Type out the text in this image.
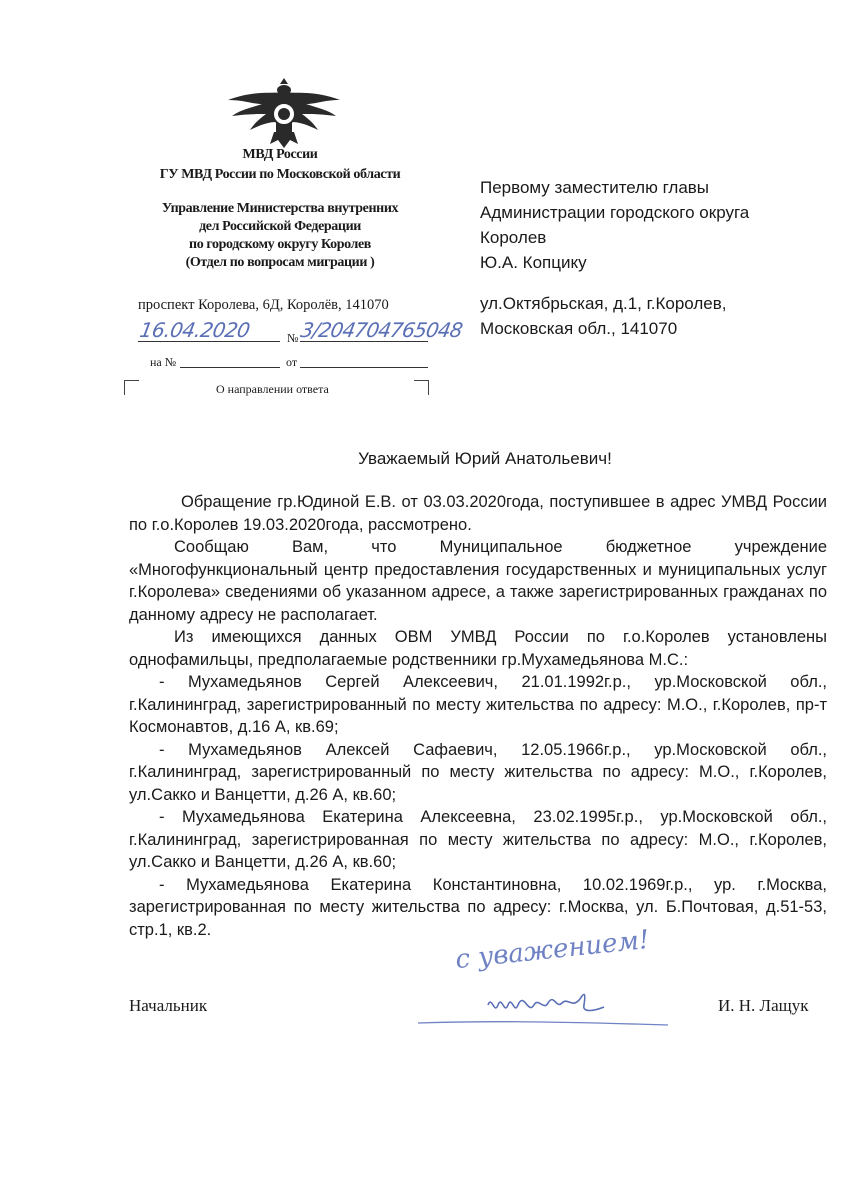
МВД России
ГУ МВД России по Московской области
Управление Министерства внутренних
дел Российской Федерации
по городскому округу Королев
(Отдел по вопросам миграции )
проспект Королева, 6Д, Королёв, 141070
16.04.2020	№ 3/204704765048
на №	от
О направлении ответа
Первому заместителю главы
Администрации городского округа
Королев
Ю.А. Копцику
ул.Октябрьская, д.1, г.Королев,
Московская обл., 141070
Уважаемый Юрий Анатольевич!

Обращение гр.Юдиной Е.В. от 03.03.2020года, поступившее в адрес УМВД России по г.о.Королев 19.03.2020года, рассмотрено.

Сообщаю Вам, что Муниципальное бюджетное учреждение «Многофункциональный центр предоставления государственных и муниципальных услуг г.Королева» сведениями об указанном адресе, а также зарегистрированных гражданах по данному адресу не располагает.

Из имеющихся данных ОВМ УМВД России по г.о.Королев установлены однофамильцы, предполагаемые родственники гр.Мухамедьянова М.С.:

- Мухамедьянов Сергей Алексеевич, 21.01.1992г.р., ур.Московской обл., г.Калининград, зарегистрированный по месту жительства по адресу: М.О., г.Королев, пр-т Космонавтов, д.16 А, кв.69;

- Мухамедьянов Алексей Сафаевич, 12.05.1966г.р., ур.Московской обл., г.Калининград, зарегистрированный по месту жительства по адресу: М.О., г.Королев, ул.Сакко и Ванцетти, д.26 А, кв.60;

- Мухамедьянова Екатерина Алексеевна, 23.02.1995г.р., ур.Московской обл., г.Калининград, зарегистрированная по месту жительства по адресу: М.О., г.Королев, ул.Сакко и Ванцетти, д.26 А, кв.60;

- Мухамедьянова Екатерина Константиновна, 10.02.1969г.р., ур. г.Москва, зарегистрированная по месту жительства по адресу: г.Москва, ул. Б.Почтовая, д.51-53, стр.1, кв.2.	с уважением!
Начальник	И. Н. Лащук
